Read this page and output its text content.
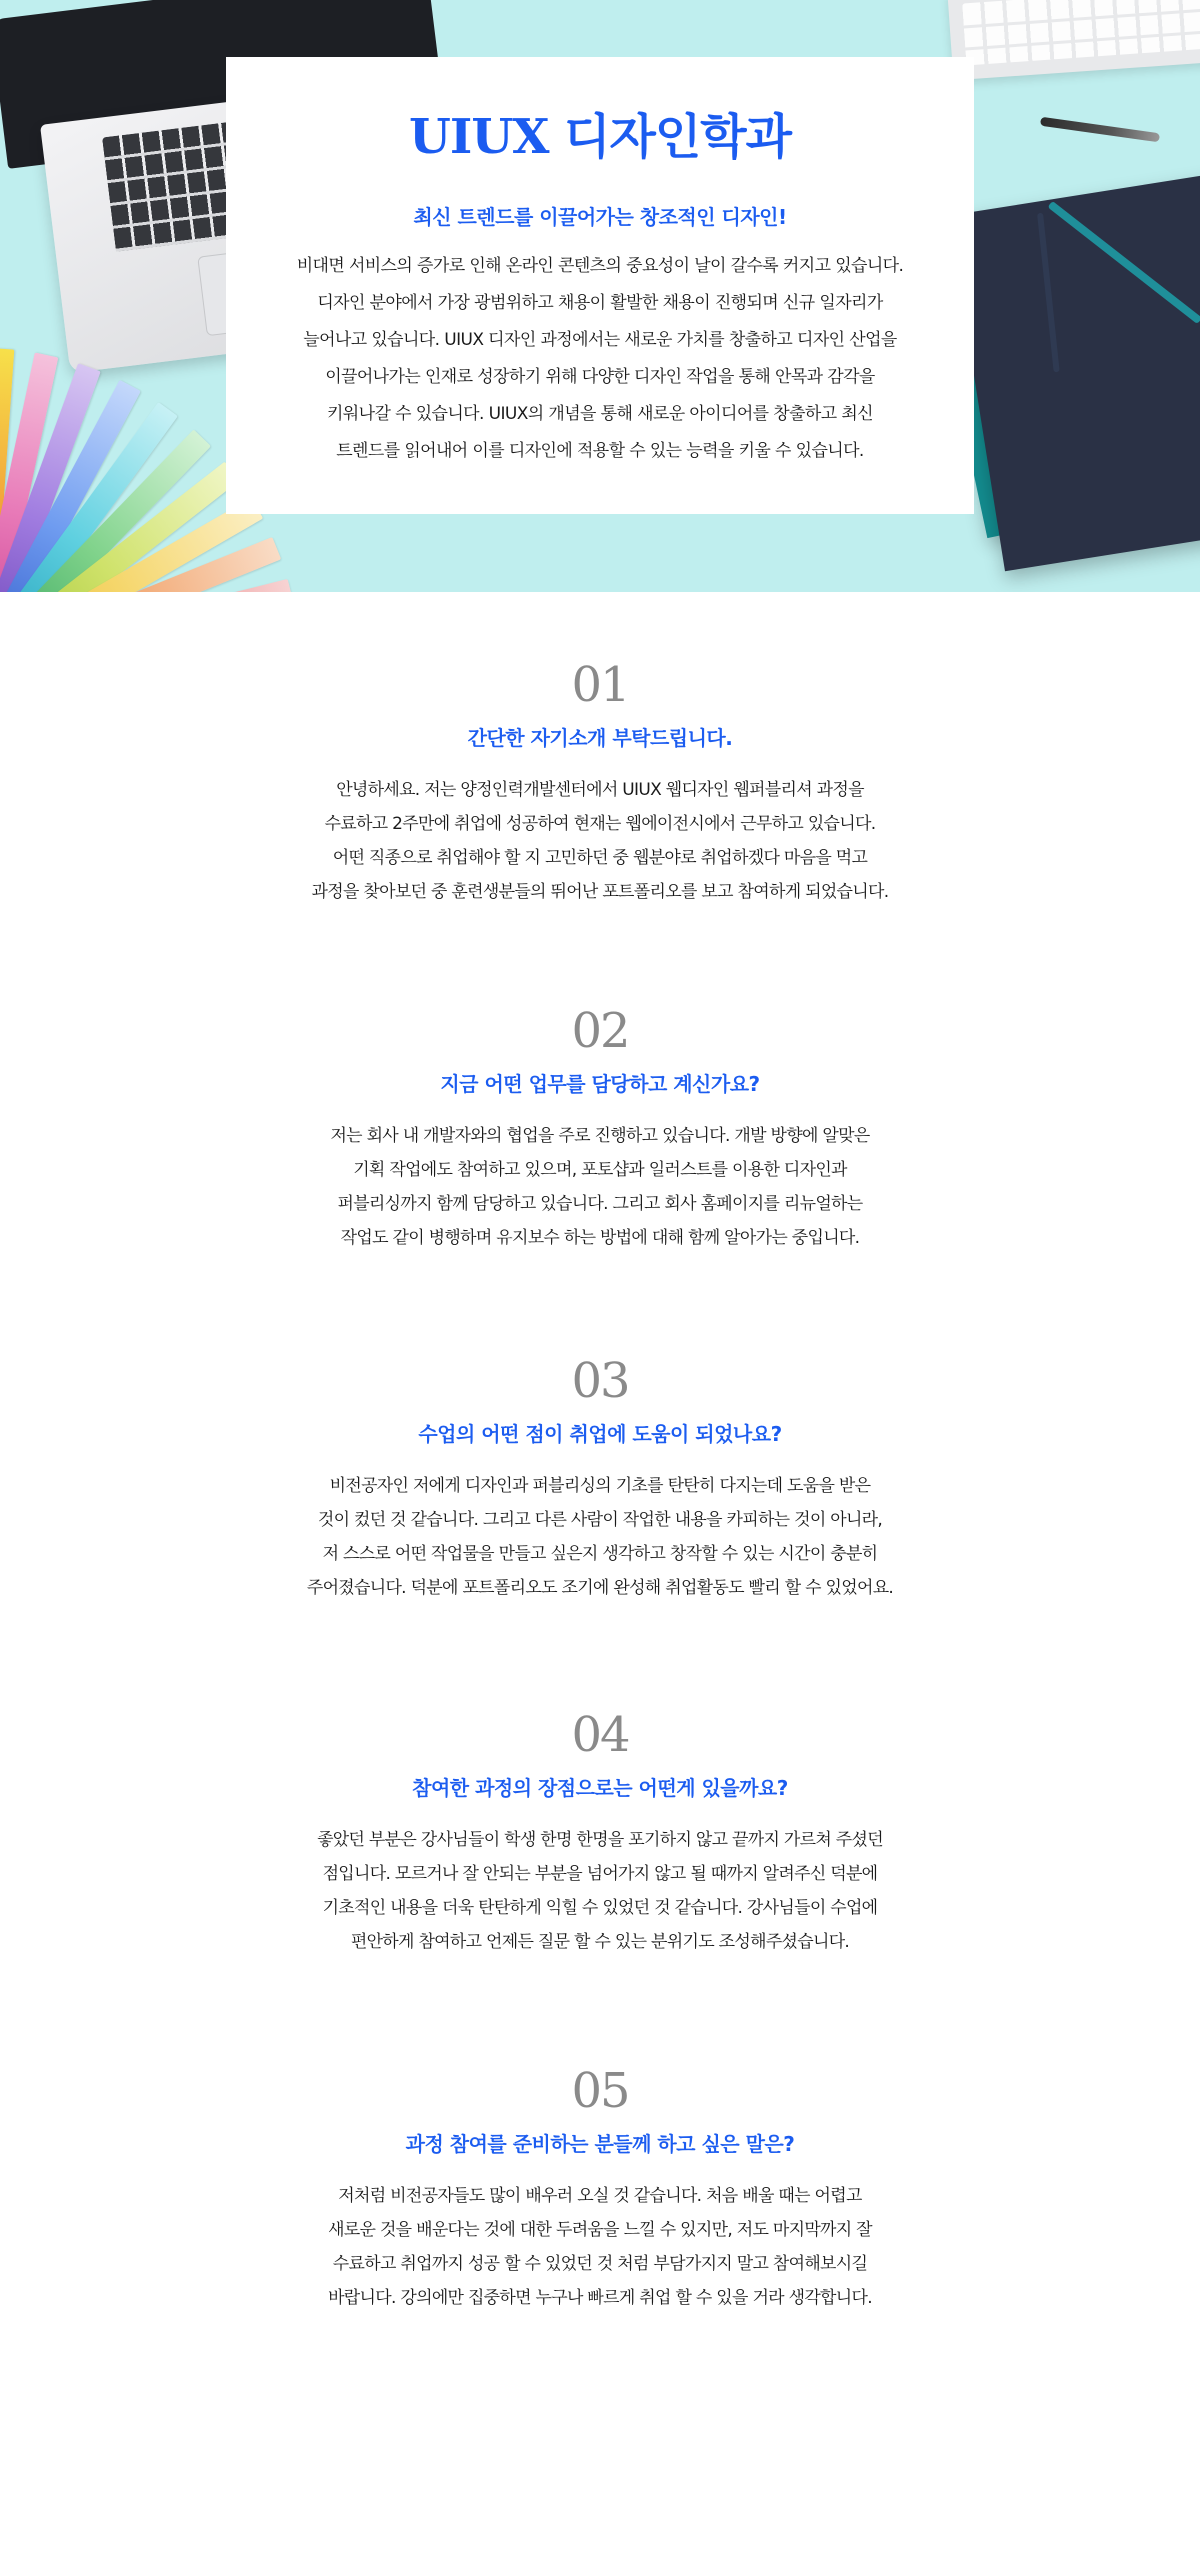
UIUX 디자인학과

최신 트렌드를 이끌어가는 창조적인 디자인!

비대면 서비스의 증가로 인해 온라인 콘텐츠의 중요성이 날이 갈수록 커지고 있습니다.
디자인 분야에서 가장 광범위하고 채용이 활발한 채용이 진행되며 신규 일자리가
늘어나고 있습니다. UIUX 디자인 과정에서는 새로운 가치를 창출하고 디자인 산업을
이끌어나가는 인재로 성장하기 위해 다양한 디자인 작업을 통해 안목과 감각을
키워나갈 수 있습니다. UIUX의 개념을 통해 새로운 아이디어를 창출하고 최신
트렌드를 읽어내어 이를 디자인에 적용할 수 있는 능력을 키울 수 있습니다.

01
간단한 자기소개 부탁드립니다.

안녕하세요. 저는 양정인력개발센터에서 UIUX 웹디자인 웹퍼블리셔 과정을
수료하고 2주만에 취업에 성공하여 현재는 웹에이전시에서 근무하고 있습니다.
어떤 직종으로 취업해야 할 지 고민하던 중 웹분야로 취업하겠다 마음을 먹고
과정을 찾아보던 중 훈련생분들의 뛰어난 포트폴리오를 보고 참여하게 되었습니다.

02
지금 어떤 업무를 담당하고 계신가요?

저는 회사 내 개발자와의 협업을 주로 진행하고 있습니다. 개발 방향에 알맞은
기획 작업에도 참여하고 있으며, 포토샵과 일러스트를 이용한 디자인과
퍼블리싱까지 함께 담당하고 있습니다. 그리고 회사 홈페이지를 리뉴얼하는
작업도 같이 병행하며 유지보수 하는 방법에 대해 함께 알아가는 중입니다.

03
수업의 어떤 점이 취업에 도움이 되었나요?

비전공자인 저에게 디자인과 퍼블리싱의 기초를 탄탄히 다지는데 도움을 받은
것이 컸던 것 같습니다. 그리고 다른 사람이 작업한 내용을 카피하는 것이 아니라,
저 스스로 어떤 작업물을 만들고 싶은지 생각하고 창작할 수 있는 시간이 충분히
주어졌습니다. 덕분에 포트폴리오도 조기에 완성해 취업활동도 빨리 할 수 있었어요.

04
참여한 과정의 장점으로는 어떤게 있을까요?

좋았던 부분은 강사님들이 학생 한명 한명을 포기하지 않고 끝까지 가르쳐 주셨던
점입니다. 모르거나 잘 안되는 부분을 넘어가지 않고 될 때까지 알려주신 덕분에
기초적인 내용을 더욱 탄탄하게 익힐 수 있었던 것 같습니다. 강사님들이 수업에
편안하게 참여하고 언제든 질문 할 수 있는 분위기도 조성해주셨습니다.

05
과정 참여를 준비하는 분들께 하고 싶은 말은?

저처럼 비전공자들도 많이 배우러 오실 것 같습니다. 처음 배울 때는 어렵고
새로운 것을 배운다는 것에 대한 두려움을 느낄 수 있지만, 저도 마지막까지 잘
수료하고 취업까지 성공 할 수 있었던 것 처럼 부담가지지 말고 참여해보시길
바랍니다. 강의에만 집중하면 누구나 빠르게 취업 할 수 있을 거라 생각합니다.
